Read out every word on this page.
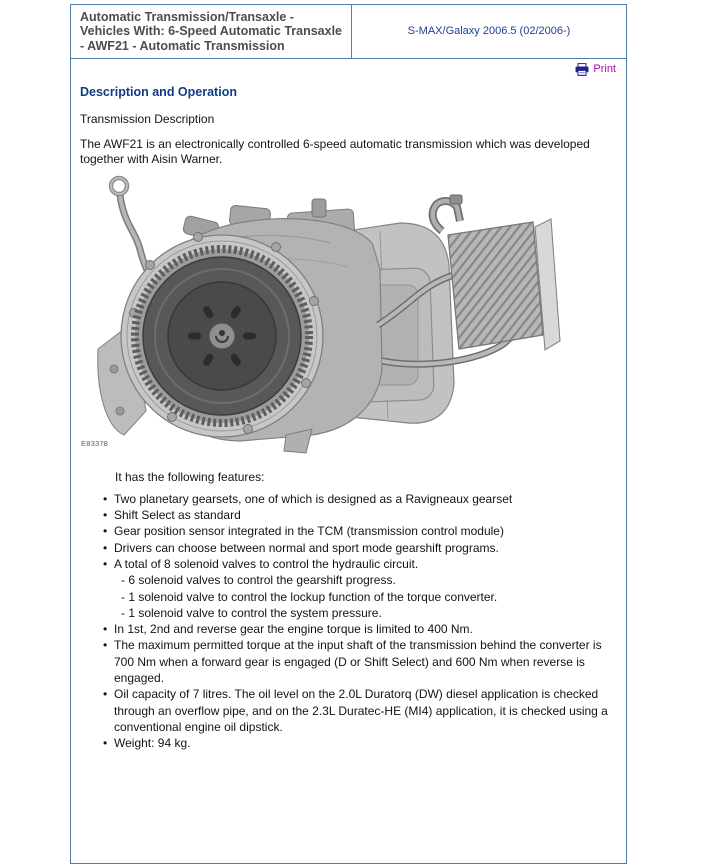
Automatic Transmission/Transaxle - Vehicles With: 6-Speed Automatic Transaxle - AWF21 - Automatic Transmission
S-MAX/Galaxy 2006.5 (02/2006-)
Print
Description and Operation
Transmission Description

The AWF21 is an electronically controlled 6-speed automatic transmission which was developed together with Aisin Warner.

E83378

It has the following features:

• Two planetary gearsets, one of which is designed as a Ravigneaux gearset
• Shift Select as standard
• Gear position sensor integrated in the TCM (transmission control module)
• Drivers can choose between normal and sport mode gearshift programs.
• A total of 8 solenoid valves to control the hydraulic circuit.
- 6 solenoid valves to control the gearshift progress.
- 1 solenoid valve to control the lockup function of the torque converter.
- 1 solenoid valve to control the system pressure.
• In 1st, 2nd and reverse gear the engine torque is limited to 400 Nm.
• The maximum permitted torque at the input shaft of the transmission behind the converter is 700 Nm when a forward gear is engaged (D or Shift Select) and 600 Nm when reverse is engaged.
• Oil capacity of 7 litres. The oil level on the 2.0L Duratorq (DW) diesel application is checked through an overflow pipe, and on the 2.3L Duratec-HE (MI4) application, it is checked using a conventional engine oil dipstick.
• Weight: 94 kg.
